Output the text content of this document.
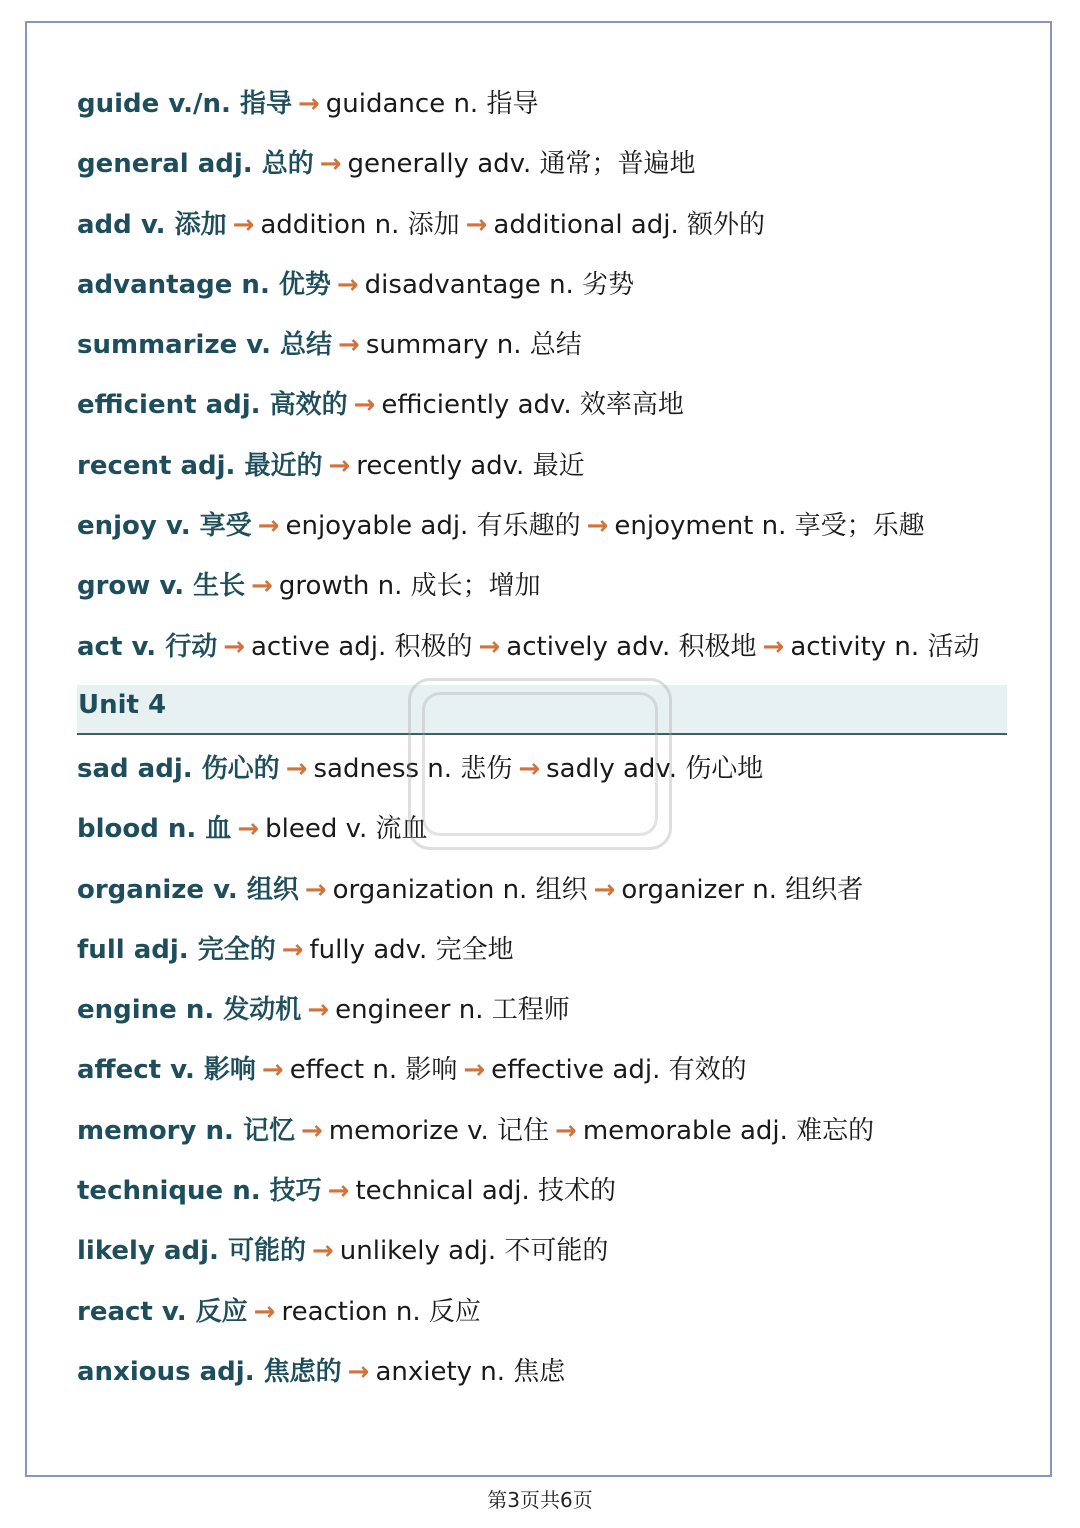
guide v./n. 指导 → guidance n. 指导
general adj. 总的 → generally adv. 通常；普遍地
add v. 添加 → addition n. 添加 → additional adj. 额外的
advantage n. 优势 → disadvantage n. 劣势
summarize v. 总结 → summary n. 总结
efficient adj. 高效的 → efficiently adv. 效率高地
recent adj. 最近的 → recently adv. 最近
enjoy v. 享受 → enjoyable adj. 有乐趣的 → enjoyment n. 享受；乐趣
grow v. 生长 → growth n. 成长；增加
act v. 行动 → active adj. 积极的 → actively adv. 积极地 → activity n. 活动
Unit 4
sad adj. 伤心的 → sadness n. 悲伤 → sadly adv. 伤心地
blood n. 血 → bleed v. 流血
organize v. 组织 → organization n. 组织 → organizer n. 组织者
full adj. 完全的 → fully adv. 完全地
engine n. 发动机 → engineer n. 工程师
affect v. 影响 → effect n. 影响 → effective adj. 有效的
memory n. 记忆 → memorize v. 记住 → memorable adj. 难忘的
technique n. 技巧 → technical adj. 技术的
likely adj. 可能的 → unlikely adj. 不可能的
react v. 反应 → reaction n. 反应
anxious adj. 焦虑的 → anxiety n. 焦虑
第3页共6页
